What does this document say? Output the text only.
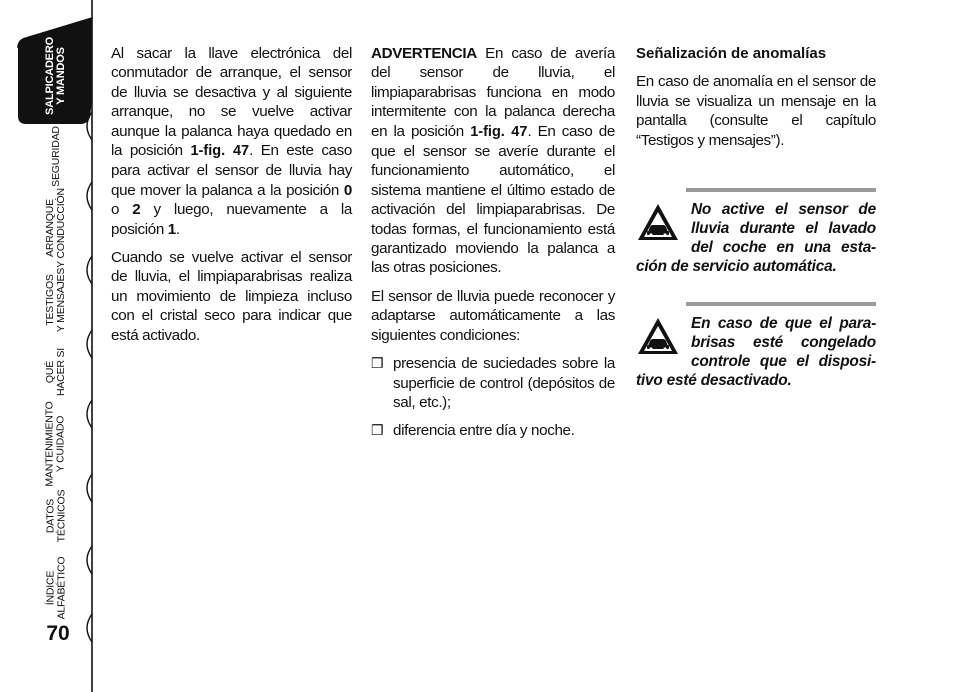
SALPICADERO Y MANDOS
SEGURIDAD
ARRANQUE Y CONDUCCIÓN
TESTIGOS Y MENSAJES
QUÉ HACER SI
MANTENIMIENTO Y CUIDADO
DATOS TÉCNICOS
ÍNDICE ALFABÉTICO
70

Al sacar la llave electrónica del conmutador de arranque, el sensor de lluvia se desactiva y al siguiente arranque, no se vuelve activar aunque la palanca haya quedado en la posición 1-fig. 47. En este caso para activar el sensor de lluvia hay que mover la palanca a la posición 0 o 2 y luego, nuevamente a la posición 1.

Cuando se vuelve activar el sensor de lluvia, el limpiaparabrisas realiza un movimiento de limpieza incluso con el cristal seco para indicar que está activado.

ADVERTENCIA En caso de avería del sensor de lluvia, el limpiaparabrisas funciona en modo intermitente con la palanca derecha en la posición 1-fig. 47. En caso de que el sensor se averíe durante el funcionamiento automático, el sistema mantiene el último estado de activación del limpiaparabrisas. De todas formas, el funcionamiento está garantizado moviendo la palanca a las otras posiciones.

El sensor de lluvia puede reconocer y adaptarse automáticamente a las siguientes condiciones:

❒ presencia de suciedades sobre la superficie de control (depósitos de sal, etc.);
❒ diferencia entre día y noche.

Señalización de anomalías

En caso de anomalía en el sensor de lluvia se visualiza un mensaje en la pantalla (consulte el capítulo “Testigos y mensajes”).

No active el sensor de
lluvia durante el lavado
del coche en una esta-
ción de servicio automática.
En caso de que el para-
brisas esté congelado
controle que el disposi-
tivo esté desactivado.
